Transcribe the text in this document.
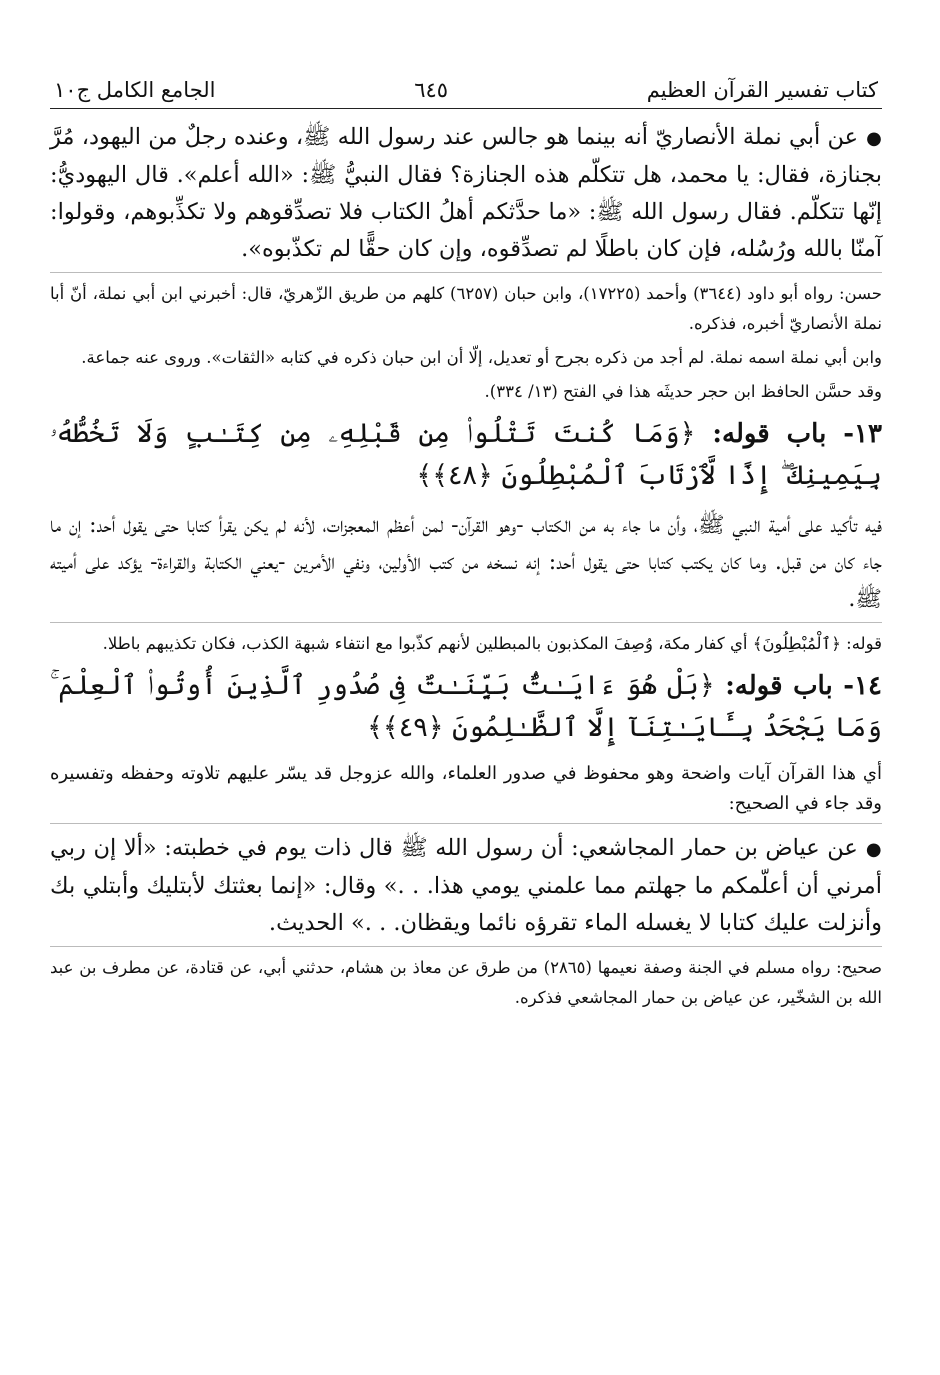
كتاب تفسير القرآن العظيم
٦٤٥
الجامع الكامل ج١٠

●عن أبي نملة الأنصاريّ أنه بينما هو جالس عند رسول الله ﷺ، وعنده رجلٌ من اليهود، مُرَّ بجنازة، فقال: يا محمد، هل تتكلّم هذه الجنازة؟ فقال النبيُّ ﷺ: «الله أعلم». قال اليهوديُّ: إنّها تتكلّم. فقال رسول الله ﷺ: «ما حدَّثكم أهلُ الكتاب فلا تصدِّقوهم ولا تكذِّبوهم، وقولوا: آمنّا بالله ورُسُله، فإن كان باطلًا لم تصدِّقوه، وإن كان حقًّا لم تكذّبوه».

حسن: رواه أبو داود (٣٦٤٤) وأحمد (١٧٢٢٥)، وابن حبان (٦٢٥٧) كلهم من طريق الزّهريّ، قال: أخبرني ابن أبي نملة، أنّ أبا نملة الأنصاريّ أخبره، فذكره.

وابن أبي نملة اسمه نملة. لم أجد من ذكره بجرح أو تعديل، إلّا أن ابن حبان ذكره في كتابه «الثقات». وروى عنه جماعة.

وقد حسَّن الحافظ ابن حجر حديثَه هذا في الفتح (١٣/ ٣٣٤).

١٣- باب قوله: ﴿وَمَا كُنتَ تَتْلُوا۟ مِن قَبْلِهِۦ مِن كِتَـٰبٍ وَلَا تَخُطُّهُۥ بِيَمِينِكَ ۖ إِذًا لَّٱرْتَابَ ٱلْمُبْطِلُونَ ﴿٤٨﴾﴾

فيه تأكيد على أمية النبي ﷺ، وأن ما جاء به من الكتاب -وهو القرآن- لمن أعظم المعجزات، لأنه لم يكن يقرأ كتابا حتى يقول أحد: إن ما جاء كان من قبل. وما كان يكتب كتابا حتى يقول أحد: إنه نسخه من كتب الأولين، ونفي الأمرين -يعني الكتابة والقراءة- يؤكد على أميته ﷺ.

قوله: ﴿ٱلْمُبْطِلُونَ﴾ أي كفار مكة، وُصِفَ المكذبون بالمبطلين لأنهم كذّبوا مع انتفاء شبهة الكذب، فكان تكذيبهم باطلا.

١٤- باب قوله: ﴿بَلْ هُوَ ءَايَـٰتٌۢ بَيِّنَـٰتٌ فِى صُدُورِ ٱلَّذِينَ أُوتُوا۟ ٱلْعِلْمَ ۚ وَمَا يَجْحَدُ بِـَٔايَـٰتِنَآ إِلَّا ٱلظَّـٰلِمُونَ ﴿٤٩﴾﴾

أي هذا القرآن آيات واضحة وهو محفوظ في صدور العلماء، والله عزوجل قد يسّر عليهم تلاوته وحفظه وتفسيره وقد جاء في الصحيح:

●عن عياض بن حمار المجاشعي: أن رسول الله ﷺ قال ذات يوم في خطبته: «ألا إن ربي أمرني أن أعلّمكم ما جهلتم مما علمني يومي هذا. . .» وقال: «إنما بعثتك لأبتليك وأبتلي بك وأنزلت عليك كتابا لا يغسله الماء تقرؤه نائما ويقظان. . .» الحديث.

صحيح: رواه مسلم في الجنة وصفة نعيمها (٢٨٦٥) من طرق عن معاذ بن هشام، حدثني أبي، عن قتادة، عن مطرف بن عبد الله بن الشخّير، عن عياض بن حمار المجاشعي فذكره.
